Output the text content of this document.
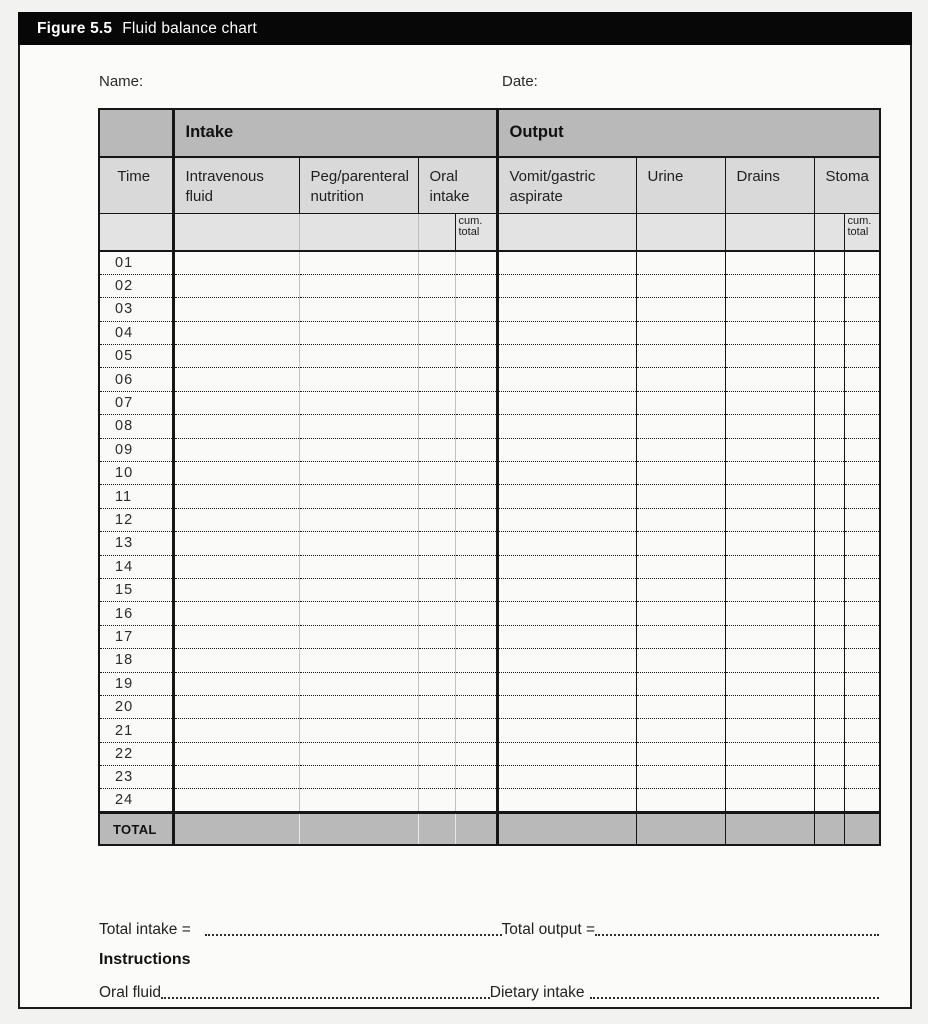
Figure 5.5 Fluid balance chart
Name:	Date:
	Intake				Output				
Time	Intravenous fluid	Peg/parenteral nutrition	Oral intake		Vomit/gastric aspirate	Urine	Drains	Stoma	
				cum. total					cum. total
01									
02									
03									
04									
05									
06									
07									
08									
09									
10									
11									
12									
13									
14									
15									
16									
17									
18									
19									
20									
21									
22									
23									
24									
TOTAL									
Total intake =	Total output =
Instructions
Oral fluid	Dietary intake
